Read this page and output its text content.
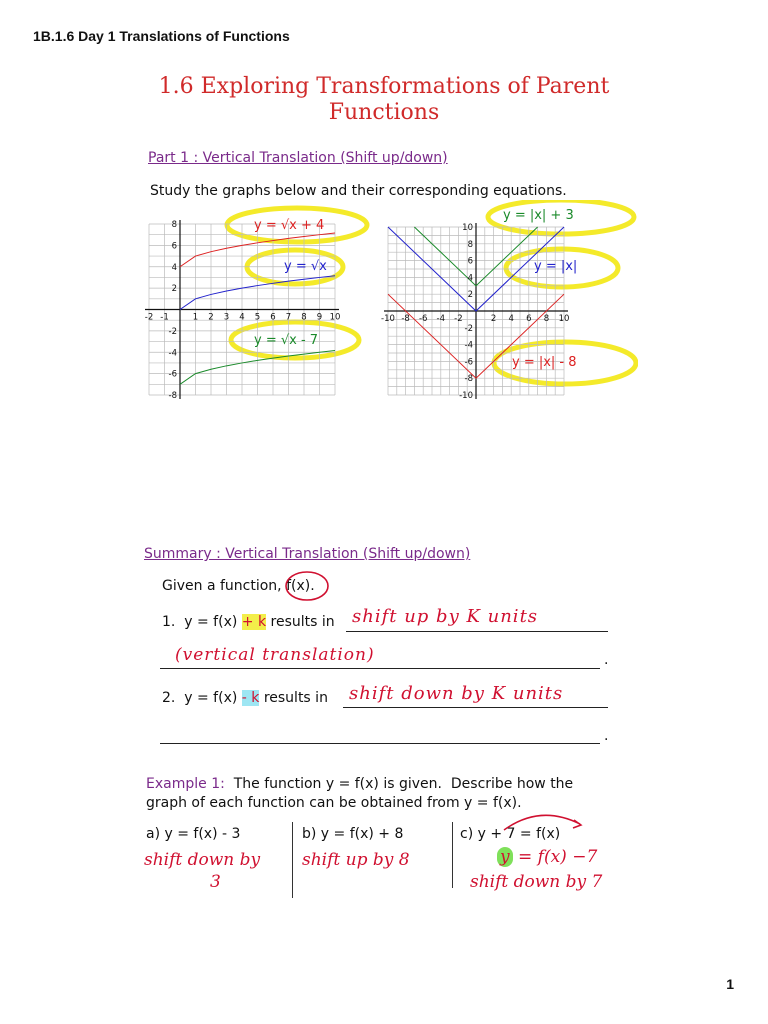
1B.1.6 Day 1 Translations of Functions
1.6 Exploring Transformations of Parent
Functions
Part 1 : Vertical Translation (Shift up/down)
Study the graphs below and their corresponding equations.
8
6
4
2
-2
-4
-6
-8
-2 -1	1 2 3 4 5 6 7 8 9 10
y = √x + 4
y = √x
y = √x - 7
10
8
6
4
2
-2
-4
-6
-8
-10
-10 -8 -6 -4 -2	2 4 6 8 10
y = |x| + 3
y = |x|
y = |x| - 8
Summary : Vertical Translation (Shift up/down)
Given a function, f(x).
1.  y = f(x) + k results in shift up by K units
(vertical translation)	.
2.  y = f(x) - k results in shift down by K units
.
Example 1:  The function y = f(x) is given.  Describe how the
graph of each function can be obtained from y = f(x).
a) y = f(x) - 3
shift down by
3
b) y = f(x) + 8
shift up by 8
c) y + 7 = f(x)
y = f(x) −7
shift down by 7
1
